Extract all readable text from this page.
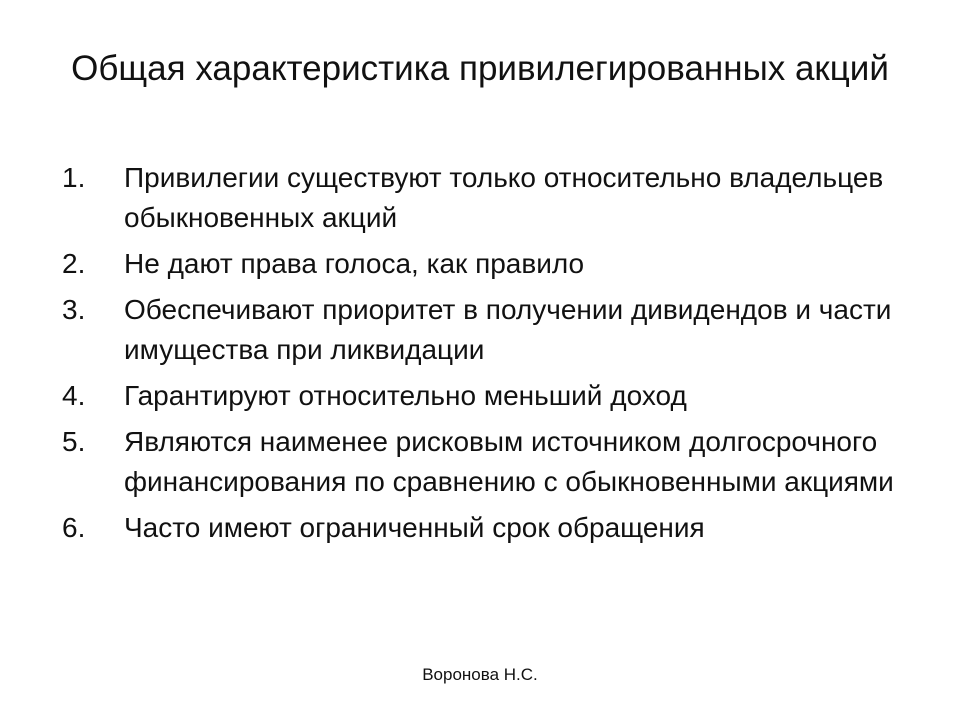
Общая характеристика привилегированных акций
1.	Привилегии существуют только относительно владельцев обыкновенных акций
2.	Не дают права голоса, как правило
3.	Обеспечивают приоритет в получении дивидендов и части имущества при ликвидации
4.	Гарантируют относительно меньший доход
5.	Являются наименее рисковым источником долгосрочного финансирования по сравнению с обыкновенными акциями
6.	Часто имеют ограниченный срок обращения
Воронова Н.С.
